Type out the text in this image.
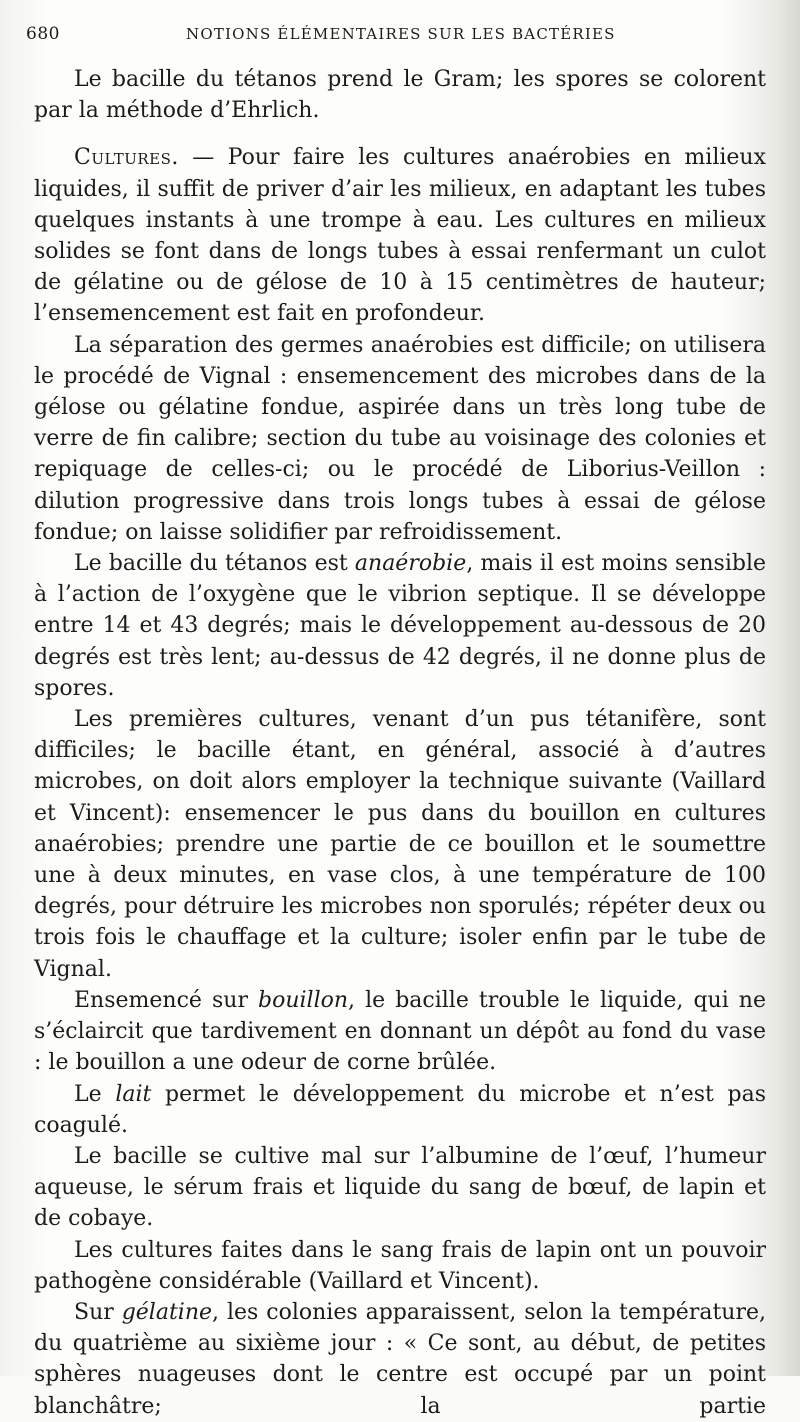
680	NOTIONS ÉLÉMENTAIRES SUR LES BACTÉRIES

Le bacille du tétanos prend le Gram; les spores se colorent par la méthode d’Ehrlich.

Cultures. — Pour faire les cultures anaérobies en milieux liquides, il suffit de priver d’air les milieux, en adaptant les tubes quelques instants à une trompe à eau. Les cultures en milieux solides se font dans de longs tubes à essai renfermant un culot de gélatine ou de gélose de 10 à 15 centimètres de hauteur; l’ensemencement est fait en profondeur.

La séparation des germes anaérobies est difficile; on utilisera le procédé de Vignal : ensemencement des microbes dans de la gélose ou gélatine fondue, aspirée dans un très long tube de verre de fin calibre; section du tube au voisinage des colonies et repiquage de celles-ci; ou le procédé de Liborius-Veillon : dilution progressive dans trois longs tubes à essai de gélose fondue; on laisse solidifier par refroidissement.

Le bacille du tétanos est anaérobie, mais il est moins sensible à l’action de l’oxygène que le vibrion septique. Il se développe entre 14 et 43 degrés; mais le développement au-dessous de 20 degrés est très lent; au-dessus de 42 degrés, il ne donne plus de spores.

Les premières cultures, venant d’un pus tétanifère, sont difficiles; le bacille étant, en général, associé à d’autres microbes, on doit alors employer la technique suivante (Vaillard et Vincent): ensemencer le pus dans du bouillon en cultures anaérobies; prendre une partie de ce bouillon et le soumettre une à deux minutes, en vase clos, à une température de 100 degrés, pour détruire les microbes non sporulés; répéter deux ou trois fois le chauffage et la culture; isoler enfin par le tube de Vignal.

Ensemencé sur bouillon, le bacille trouble le liquide, qui ne s’éclaircit que tardivement en donnant un dépôt au fond du vase : le bouillon a une odeur de corne brûlée.

Le lait permet le développement du microbe et n’est pas coagulé.

Le bacille se cultive mal sur l’albumine de l’œuf, l’humeur aqueuse, le sérum frais et liquide du sang de bœuf, de lapin et de cobaye.

Les cultures faites dans le sang frais de lapin ont un pouvoir pathogène considérable (Vaillard et Vincent).

Sur gélatine, les colonies apparaissent, selon la température, du quatrième au sixième jour : « Ce sont, au début, de petites sphères nuageuses dont le centre est occupé par un point blanchâtre; la partie
